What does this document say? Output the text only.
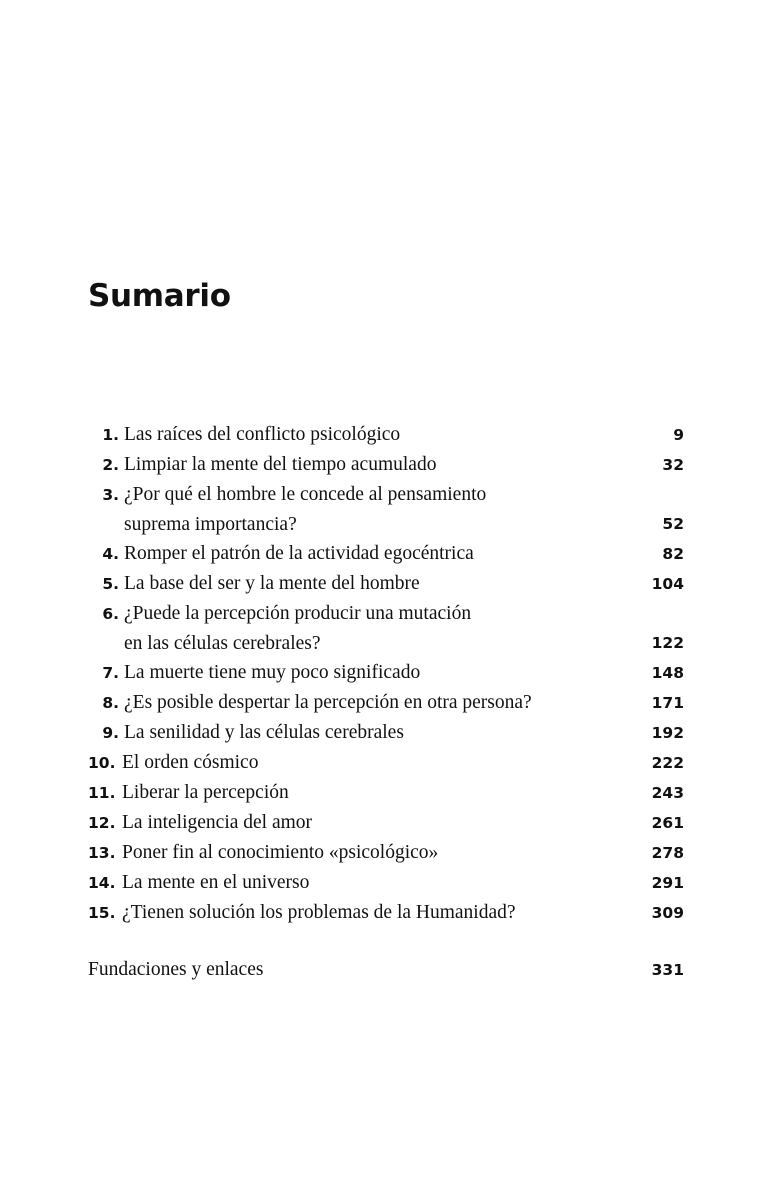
Sumario
1. Las raíces del conflicto psicológico	9
2. Limpiar la mente del tiempo acumulado	32
3. ¿Por qué el hombre le concede al pensamiento
suprema importancia?	52
4. Romper el patrón de la actividad egocéntrica	82
5. La base del ser y la mente del hombre	104
6. ¿Puede la percepción producir una mutación
en las células cerebrales?	122
7. La muerte tiene muy poco significado	148
8. ¿Es posible despertar la percepción en otra persona?	171
9. La senilidad y las células cerebrales	192
10. El orden cósmico	222
11. Liberar la percepción	243
12. La inteligencia del amor	261
13. Poner fin al conocimiento «psicológico»	278
14. La mente en el universo	291
15. ¿Tienen solución los problemas de la Humanidad?	309
Fundaciones y enlaces	331
